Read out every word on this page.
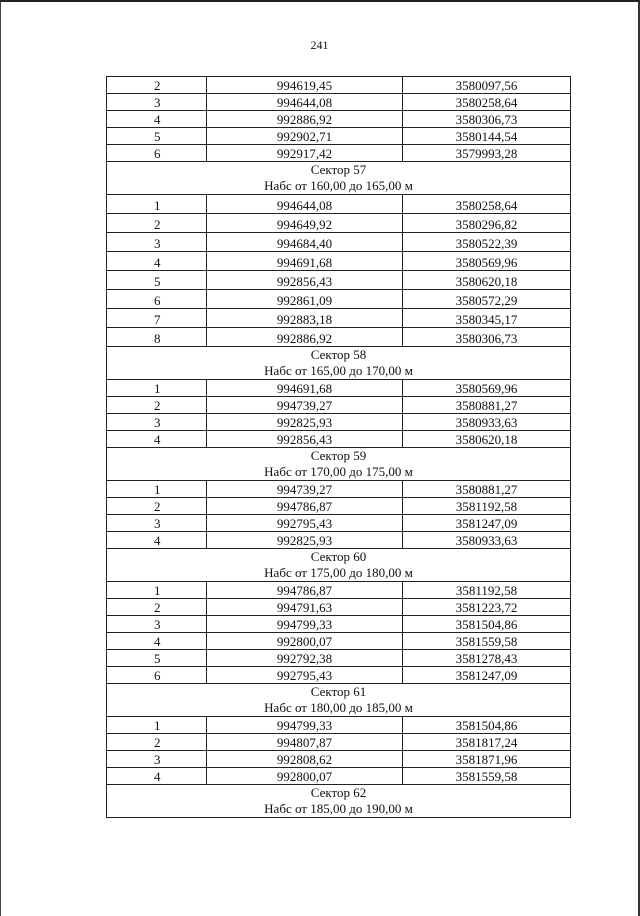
241
2	994619,45	3580097,56
3	994644,08	3580258,64
4	992886,92	3580306,73
5	992902,71	3580144,54
6	992917,42	3579993,28

Сектор 57
Набс от 160,00 до 165,00 м		

1	994644,08	3580258,64
2	994649,92	3580296,82
3	994684,40	3580522,39
4	994691,68	3580569,96
5	992856,43	3580620,18
6	992861,09	3580572,29
7	992883,18	3580345,17
8	992886,92	3580306,73

Сектор 58
Набс от 165,00 до 170,00 м		

1	994691,68	3580569,96
2	994739,27	3580881,27
3	992825,93	3580933,63
4	992856,43	3580620,18

Сектор 59
Набс от 170,00 до 175,00 м		

1	994739,27	3580881,27
2	994786,87	3581192,58
3	992795,43	3581247,09
4	992825,93	3580933,63

Сектор 60
Набс от 175,00 до 180,00 м		

1	994786,87	3581192,58
2	994791,63	3581223,72
3	994799,33	3581504,86
4	992800,07	3581559,58
5	992792,38	3581278,43
6	992795,43	3581247,09

Сектор 61
Набс от 180,00 до 185,00 м		

1	994799,33	3581504,86
2	994807,87	3581817,24
3	992808,62	3581871,96
4	992800,07	3581559,58

Сектор 62
Набс от 185,00 до 190,00 м		
